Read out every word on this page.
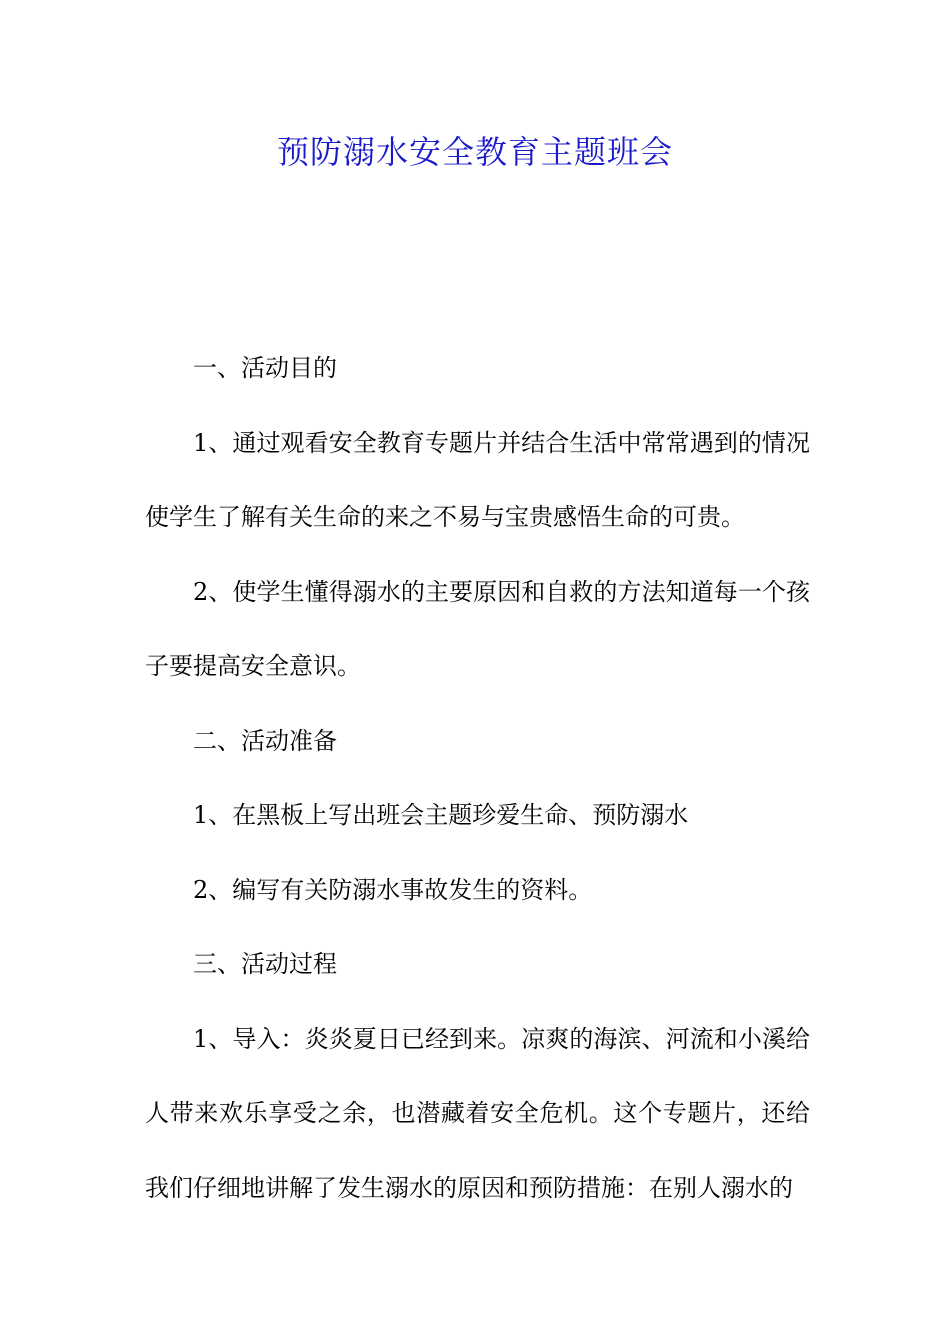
预防溺水安全教育主题班会

一、活动目的

1、通过观看安全教育专题片并结合生活中常常遇到的情况使学生了解有关生命的来之不易与宝贵感悟生命的可贵。

2、使学生懂得溺水的主要原因和自救的方法知道每一个孩子要提高安全意识。

二、活动准备

1、在黑板上写出班会主题珍爱生命、预防溺水

2、编写有关防溺水事故发生的资料。

三、活动过程

1、导入：炎炎夏日已经到来。凉爽的海滨、河流和小溪给人带来欢乐享受之余，也潜藏着安全危机。这个专题片，还给我们仔细地讲解了发生溺水的原因和预防措施：在别人溺水的
